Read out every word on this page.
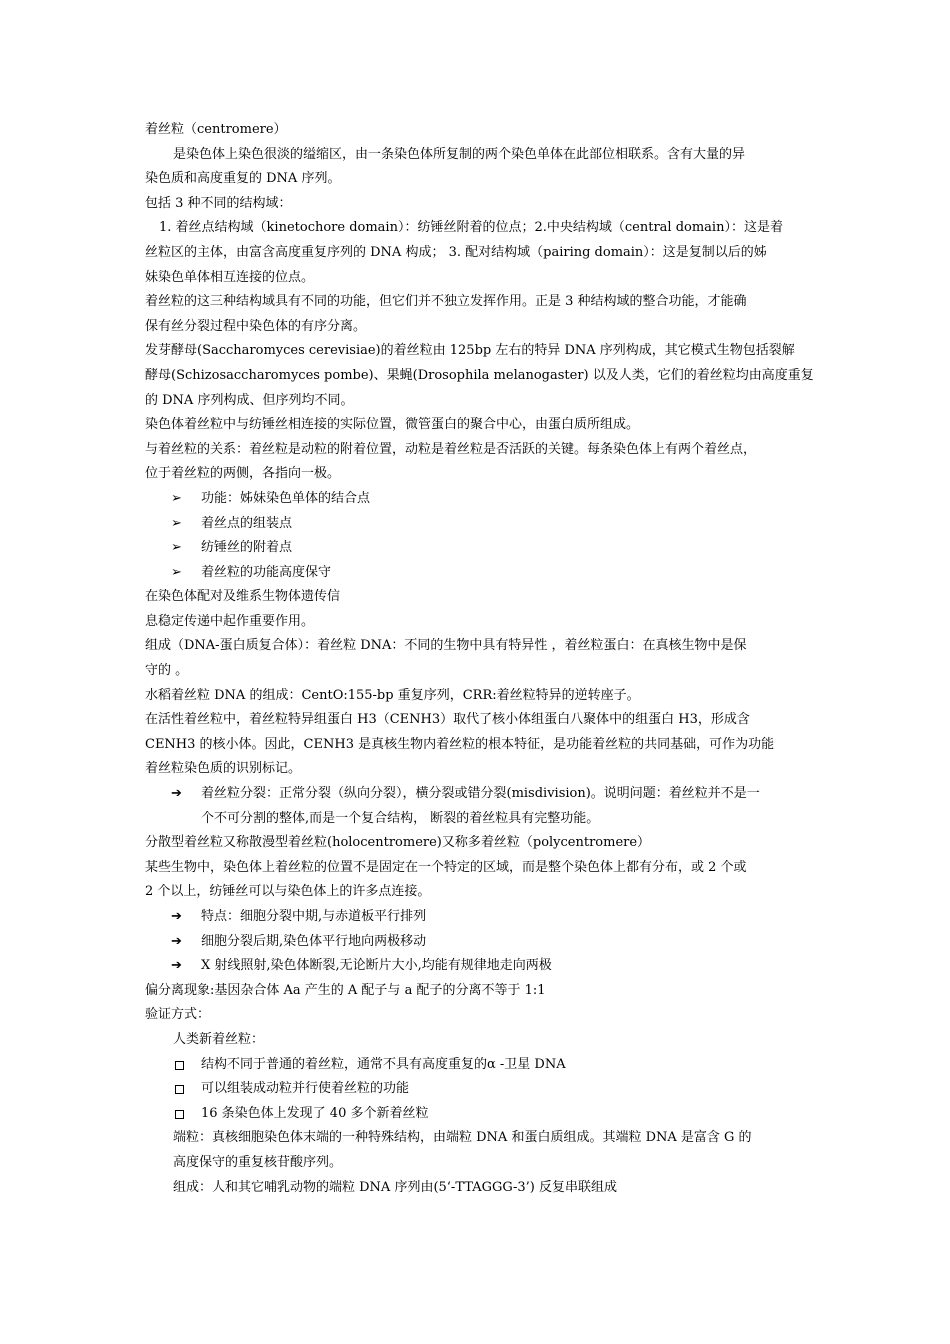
着丝粒（centromere）
是染色体上染色很淡的缢缩区，由一条染色体所复制的两个染色单体在此部位相联系。含有大量的异
染色质和高度重复的 DNA 序列。
包括 3 种不同的结构域：
1. 着丝点结构域（kinetochore domain）：纺锤丝附着的位点；2.中央结构域（central domain）：这是着
丝粒区的主体，由富含高度重复序列的 DNA 构成； 3. 配对结构域（pairing domain）：这是复制以后的姊
妹染色单体相互连接的位点。
着丝粒的这三种结构域具有不同的功能，但它们并不独立发挥作用。正是 3 种结构域的整合功能，才能确
保有丝分裂过程中染色体的有序分离。
发芽酵母(Saccharomyces cerevisiae)的着丝粒由 125bp 左右的特异 DNA 序列构成，其它模式生物包括裂解
酵母(Schizosaccharomyces pombe)、果蝇(Drosophila melanogaster) 以及人类，它们的着丝粒均由高度重复
的 DNA 序列构成、但序列均不同。
染色体着丝粒中与纺锤丝相连接的实际位置，微管蛋白的聚合中心，由蛋白质所组成。
与着丝粒的关系：着丝粒是动粒的附着位置，动粒是着丝粒是否活跃的关键。每条染色体上有两个着丝点，
位于着丝粒的两侧，各指向一极。
➢	功能：姊妹染色单体的结合点
➢	着丝点的组装点
➢	纺锤丝的附着点
➢	着丝粒的功能高度保守
在染色体配对及维系生物体遗传信
息稳定传递中起作重要作用。
组成（DNA-蛋白质复合体）：着丝粒 DNA：不同的生物中具有特异性 ，着丝粒蛋白：在真核生物中是保
守的 。
水稻着丝粒 DNA 的组成：CentO:155-bp 重复序列，CRR:着丝粒特异的逆转座子。
在活性着丝粒中，着丝粒特异组蛋白 H3（CENH3）取代了核小体组蛋白八聚体中的组蛋白 H3，形成含
CENH3 的核小体。因此，CENH3 是真核生物内着丝粒的根本特征，是功能着丝粒的共同基础，可作为功能
着丝粒染色质的识别标记。
➔	着丝粒分裂：正常分裂（纵向分裂），横分裂或错分裂(misdivision)。说明问题：着丝粒并不是一
个不可分割的整体,而是一个复合结构， 断裂的着丝粒具有完整功能。
分散型着丝粒又称散漫型着丝粒(holocentromere)又称多着丝粒（polycentromere）
某些生物中，染色体上着丝粒的位置不是固定在一个特定的区域，而是整个染色体上都有分布，或 2 个或
2 个以上，纺锤丝可以与染色体上的许多点连接。
➔	特点：细胞分裂中期,与赤道板平行排列
➔	细胞分裂后期,染色体平行地向两极移动
➔	X 射线照射,染色体断裂,无论断片大小,均能有规律地走向两极
偏分离现象:基因杂合体 Aa 产生的 A 配子与 a 配子的分离不等于 1:1
验证方式：
人类新着丝粒：
结构不同于普通的着丝粒，通常不具有高度重复的α -卫星 DNA
可以组装成动粒并行使着丝粒的功能
16 条染色体上发现了 40 多个新着丝粒
端粒：真核细胞染色体末端的一种特殊结构，由端粒 DNA 和蛋白质组成。其端粒 DNA 是富含 G 的
高度保守的重复核苷酸序列。
组成：人和其它哺乳动物的端粒 DNA 序列由(5‘-TTAGGG-3’) 反复串联组成
